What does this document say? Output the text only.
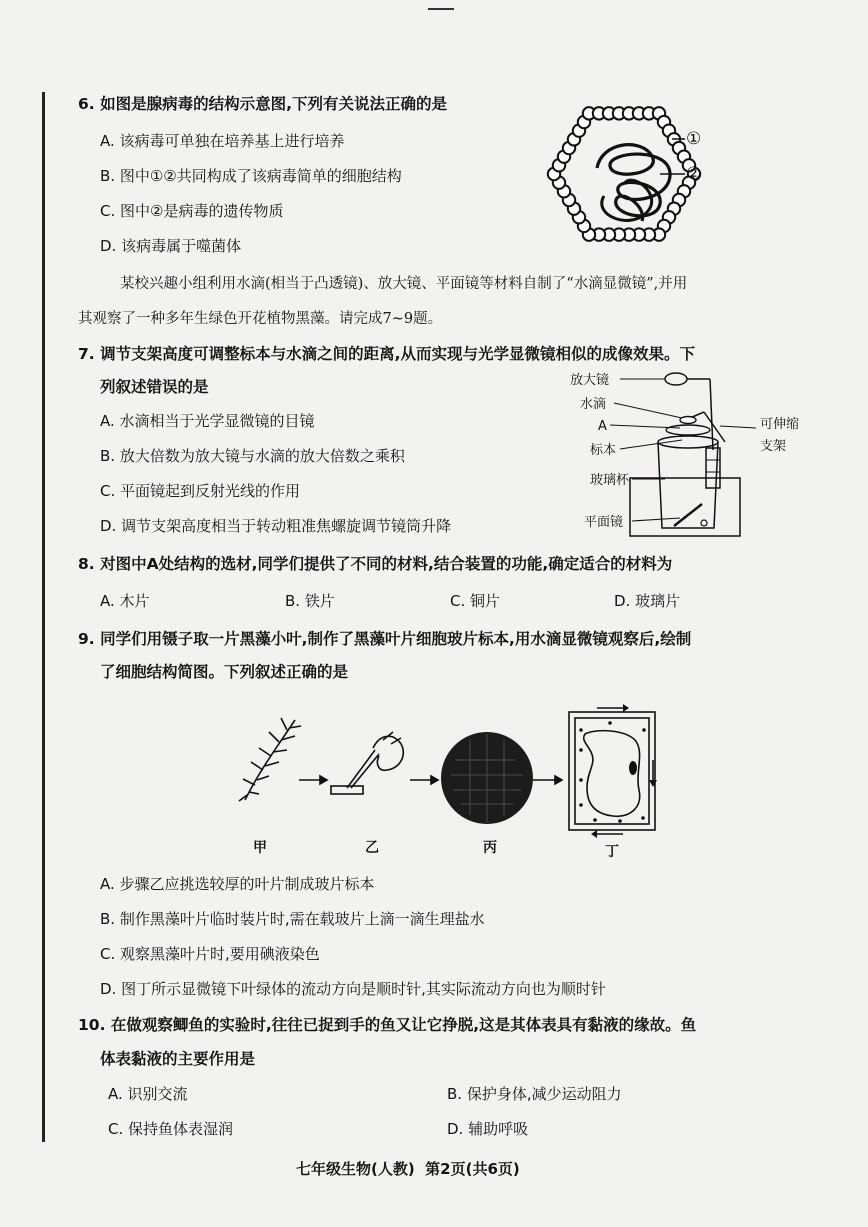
6. 如图是腺病毒的结构示意图,下列有关说法正确的是
A. 该病毒可单独在培养基上进行培养
B. 图中①②共同构成了该病毒简单的细胞结构
C. 图中②是病毒的遗传物质
D. 该病毒属于噬菌体
①
②
某校兴趣小组利用水滴(相当于凸透镜)、放大镜、平面镜等材料自制了“水滴显微镜”,并用
其观察了一种多年生绿色开花植物黑藻。请完成7~9题。
7. 调节支架高度可调整标本与水滴之间的距离,从而实现与光学显微镜相似的成像效果。下
列叙述错误的是
A. 水滴相当于光学显微镜的目镜
B. 放大倍数为放大镜与水滴的放大倍数之乘积
C. 平面镜起到反射光线的作用
D. 调节支架高度相当于转动粗准焦螺旋调节镜筒升降
放大镜
水滴
A
标本
玻璃杯
平面镜
可伸缩
支架
8. 对图中A处结构的选材,同学们提供了不同的材料,结合装置的功能,确定适合的材料为
A. 木片	B. 铁片	C. 铜片	D. 玻璃片
9. 同学们用镊子取一片黑藻小叶,制作了黑藻叶片细胞玻片标本,用水滴显微镜观察后,绘制
了细胞结构简图。下列叙述正确的是
甲	乙	丙	丁
A. 步骤乙应挑选较厚的叶片制成玻片标本
B. 制作黑藻叶片临时装片时,需在载玻片上滴一滴生理盐水
C. 观察黑藻叶片时,要用碘液染色
D. 图丁所示显微镜下叶绿体的流动方向是顺时针,其实际流动方向也为顺时针
10. 在做观察鲫鱼的实验时,往往已捉到手的鱼又让它挣脱,这是其体表具有黏液的缘故。鱼
体表黏液的主要作用是
A. 识别交流	B. 保护身体,减少运动阻力
C. 保持鱼体表湿润	D. 辅助呼吸
七年级生物(人教)  第2页(共6页)
